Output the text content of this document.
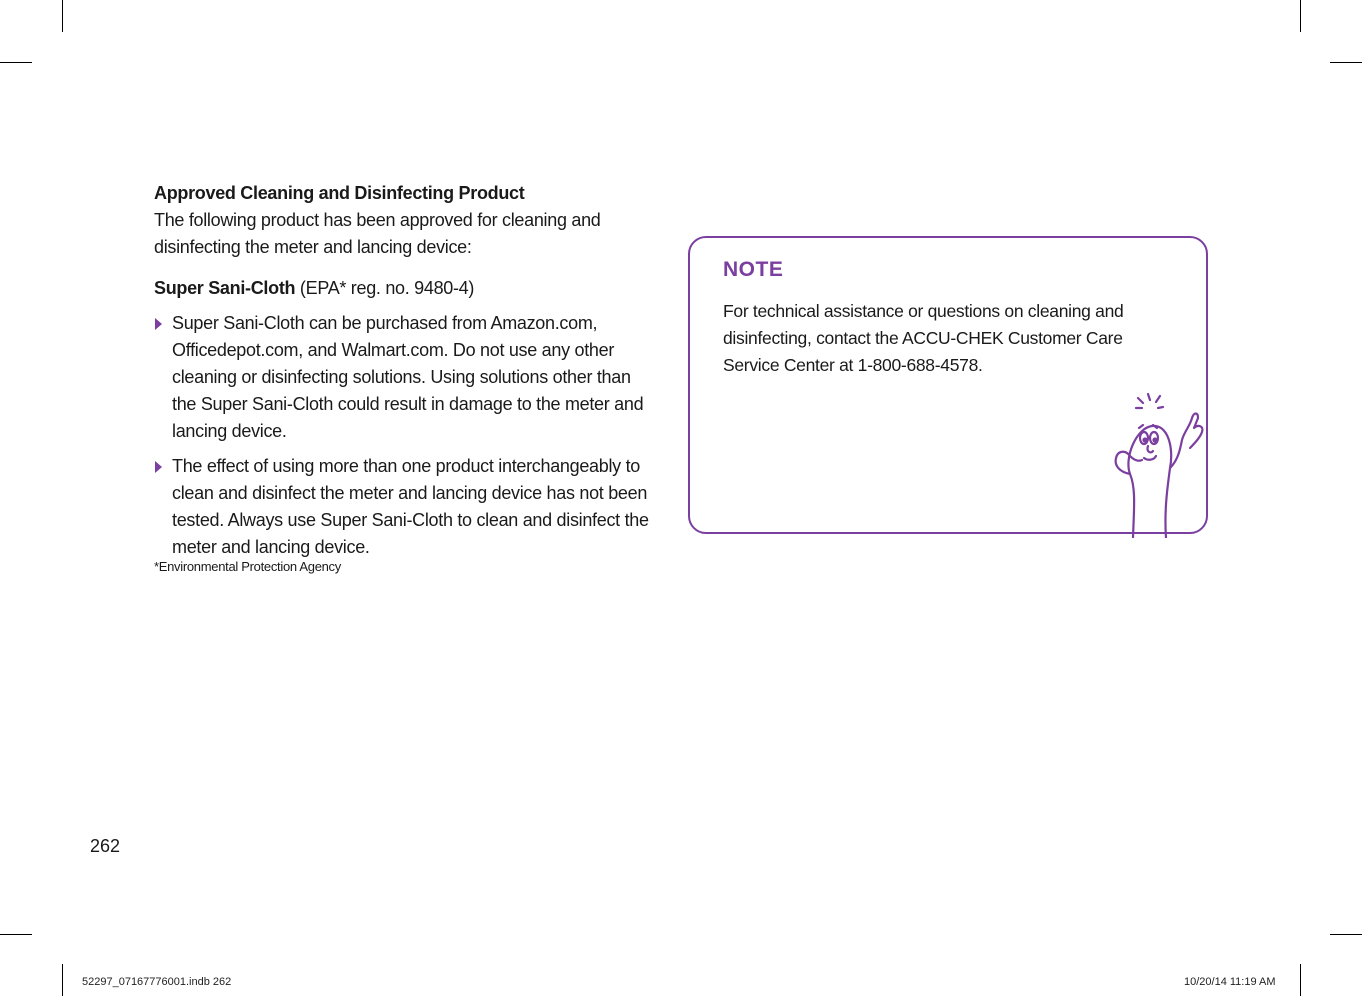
Approved Cleaning and Disinfecting Product

The following product has been approved for cleaning and disinfecting the meter and lancing device:

Super Sani-Cloth (EPA* reg. no. 9480-4)

Super Sani-Cloth can be purchased from Amazon.com, Officedepot.com, and Walmart.com. Do not use any other cleaning or disinfecting solutions. Using solutions other than the Super Sani-Cloth could result in damage to the meter and lancing device.
The effect of using more than one product interchangeably to clean and disinfect the meter and lancing device has not been tested. Always use Super Sani-Cloth to clean and disinfect the meter and lancing device.
*Environmental Protection Agency
NOTE
For technical assistance or questions on cleaning and disinfecting, contact the ACCU-CHEK Customer Care Service Center at 1-800-688-4578.
262
52297_07167776001.indb 262	10/20/14 11:19 AM
